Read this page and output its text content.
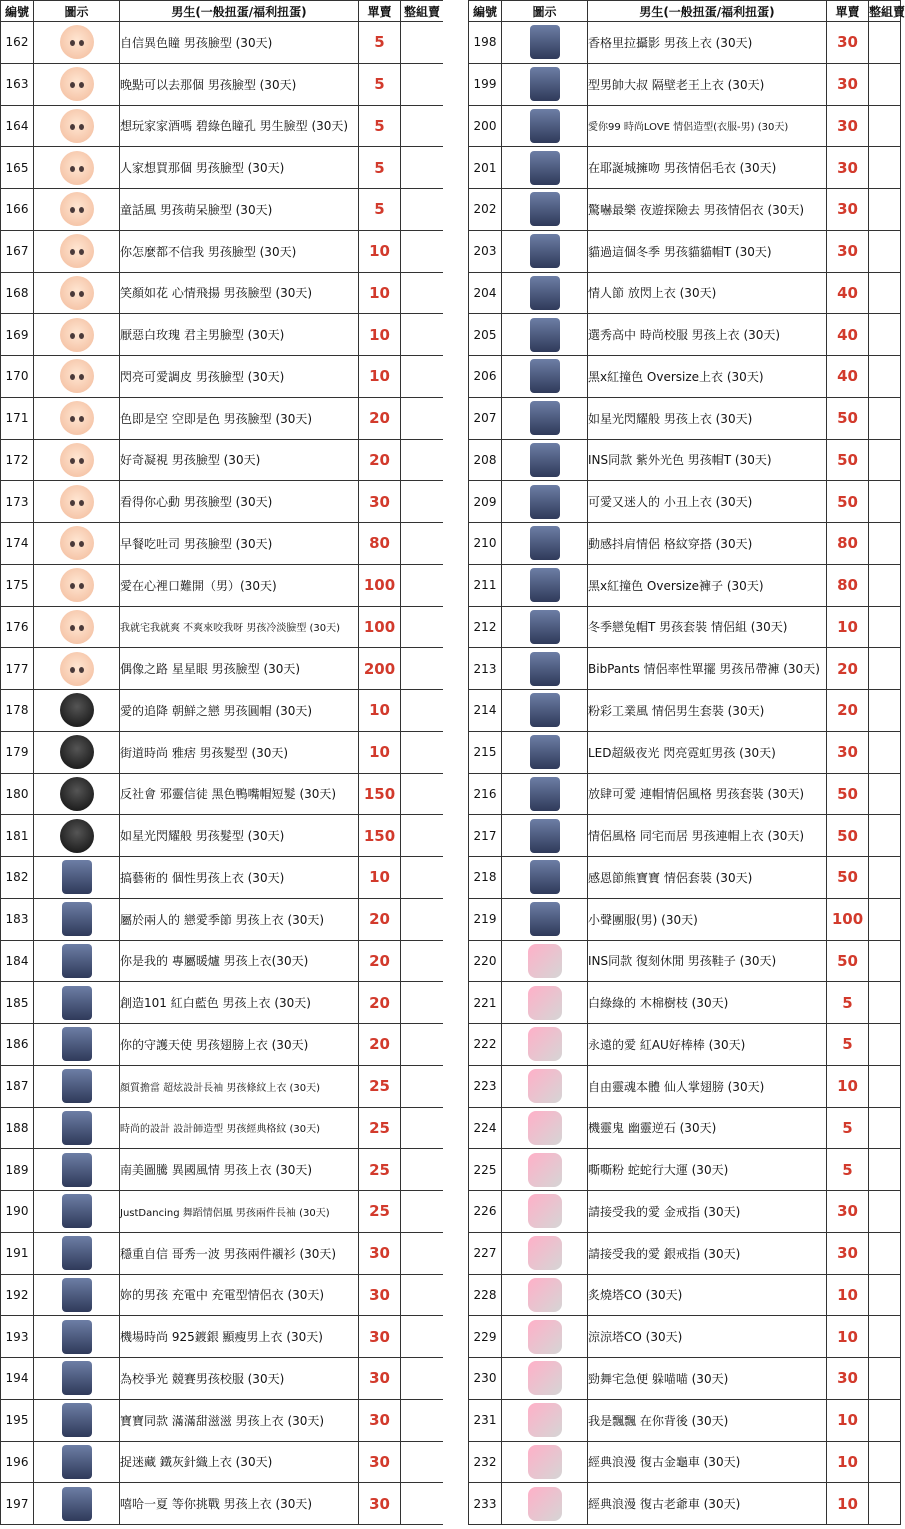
編號	圖示	男生(一般扭蛋/福利扭蛋)	單賣	整組賣
162		自信異色瞳 男孩臉型 (30天)	5	
163		晚點可以去那個 男孩臉型 (30天)	5	
164		想玩家家酒嗎 碧綠色瞳孔 男生臉型 (30天)	5	
165		人家想買那個 男孩臉型 (30天)	5	
166		童話風 男孩萌呆臉型 (30天)	5	
167		你怎麼都不信我 男孩臉型 (30天)	10	
168		笑顏如花 心情飛揚 男孩臉型 (30天)	10	
169		厭惡白玫瑰 君主男臉型 (30天)	10	
170		閃亮可愛調皮 男孩臉型 (30天)	10	
171		色即是空 空即是色 男孩臉型 (30天)	20	
172		好奇凝視 男孩臉型 (30天)	20	
173		看得你心動 男孩臉型 (30天)	30	
174		早餐吃吐司 男孩臉型 (30天)	80	
175		愛在心裡口難開（男）(30天)	100	
176		我就宅我就爽 不爽來咬我呀 男孩冷淡臉型 (30天)	100	
177		偶像之路 星星眼 男孩臉型 (30天)	200	
178		愛的追降 朝鮮之戀 男孩圓帽 (30天)	10	
179		街道時尚 雅痞 男孩髮型 (30天)	10	
180		反社會 邪靈信徒 黑色鴨嘴帽短髮 (30天)	150	
181		如星光閃耀般 男孩髮型 (30天)	150	
182		搞藝術的 個性男孩上衣 (30天)	10	
183		屬於兩人的 戀愛季節 男孩上衣 (30天)	20	
184		你是我的 專屬暖爐 男孩上衣(30天)	20	
185		創造101 紅白藍色 男孩上衣 (30天)	20	
186		你的守護天使 男孩翅膀上衣 (30天)	20	
187		顏質擔當 超炫設計長袖 男孩條紋上衣 (30天)	25	
188		時尚的設計 設計師造型 男孩經典格紋 (30天)	25	
189		南美圖騰 異國風情 男孩上衣 (30天)	25	
190		JustDancing 舞蹈情侶風 男孩兩件長袖 (30天)	25	
191		穩重自信 哥秀一波 男孩兩件襯衫 (30天)	30	
192		妳的男孩 充電中 充電型情侶衣 (30天)	30	
193		機場時尚 925鍍銀 顯瘦男上衣 (30天)	30	
194		為校爭光 競賽男孩校服 (30天)	30	
195		寶寶同款 滿滿甜滋滋 男孩上衣 (30天)	30	
196		捉迷藏 鐵灰針織上衣 (30天)	30	
197		嘻哈一夏 等你挑戰 男孩上衣 (30天)	30	
編號	圖示	男生(一般扭蛋/福利扭蛋)	單賣	整組賣
198		香格里拉攝影 男孩上衣 (30天)	30	
199		型男帥大叔 隔壁老王上衣 (30天)	30	
200		愛你99 時尚LOVE 情侶造型(衣服-男) (30天)	30	
201		在耶誕城擁吻 男孩情侶毛衣 (30天)	30	
202		驚嚇最樂 夜遊探險去 男孩情侶衣 (30天)	30	
203		貓過這個冬季 男孩貓貓帽T (30天)	30	
204		情人節 放閃上衣 (30天)	40	
205		選秀高中 時尚校服 男孩上衣 (30天)	40	
206		黑x紅撞色 Oversize上衣 (30天)	40	
207		如星光閃耀般 男孩上衣 (30天)	50	
208		INS同款 紫外光色 男孩帽T (30天)	50	
209		可愛又迷人的 小丑上衣 (30天)	50	
210		動感抖肩情侶 格紋穿搭 (30天)	80	
211		黑x紅撞色 Oversize褲子 (30天)	80	
212		冬季戀兔帽T 男孩套裝 情侶組 (30天)	10	
213		BibPants 情侶率性單擺 男孩吊帶褲 (30天)	20	
214		粉彩工業風 情侶男生套裝 (30天)	20	
215		LED超級夜光 閃亮霓虹男孩 (30天)	30	
216		放肆可愛 連帽情侶風格 男孩套裝 (30天)	50	
217		情侶風格 同宅而居 男孩連帽上衣 (30天)	50	
218		感恩節熊寶寶 情侶套裝 (30天)	50	
219		小聲團服(男) (30天)	100	
220		INS同款 復刻休閒 男孩鞋子 (30天)	50	
221		白綠綠的 木棉樹枝 (30天)	5	
222		永遠的愛 紅AU好棒棒 (30天)	5	
223		自由靈魂本體 仙人掌翅膀 (30天)	10	
224		機靈鬼 幽靈逆石 (30天)	5	
225		嘶嘶粉 蛇蛇行大運 (30天)	5	
226		請接受我的愛 金戒指 (30天)	30	
227		請接受我的愛 銀戒指 (30天)	30	
228		炙燒塔CO (30天)	10	
229		涼涼塔CO (30天)	10	
230		勁舞宅急便 躲喵喵 (30天)	30	
231		我是飄飄 在你背後 (30天)	10	
232		經典浪漫 復古金龜車 (30天)	10	
233		經典浪漫 復古老爺車 (30天)	10	
